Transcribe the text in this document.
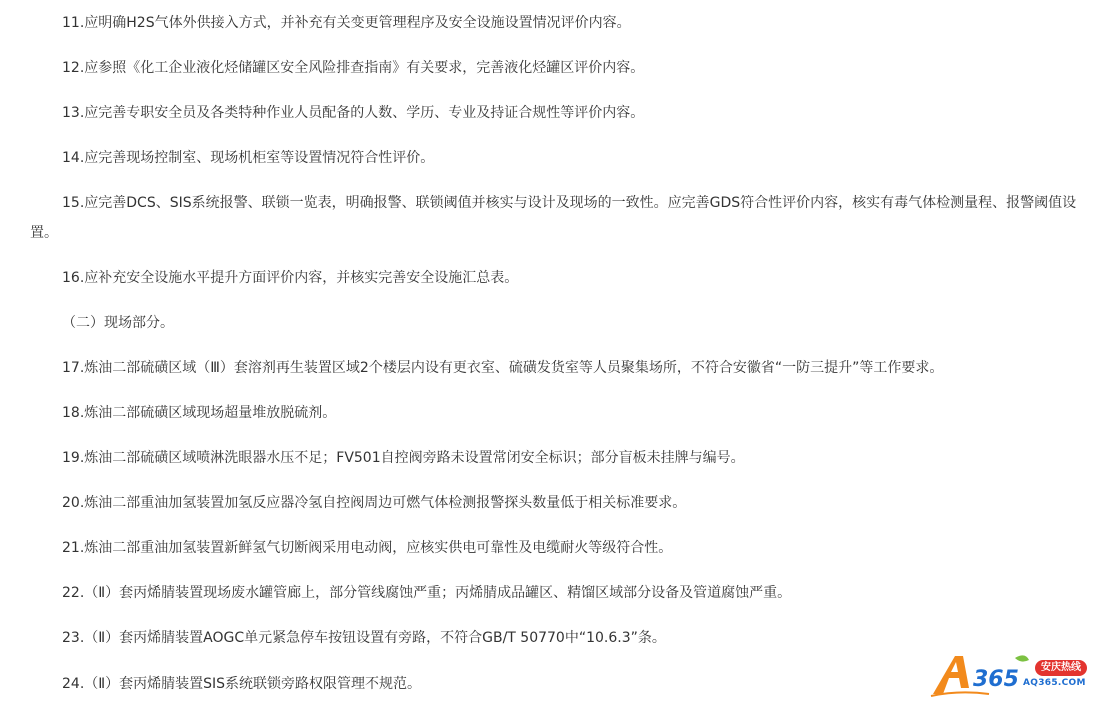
11.应明确H2S气体外供接入方式，并补充有关变更管理程序及安全设施设置情况评价内容。

12.应参照《化工企业液化烃储罐区安全风险排查指南》有关要求，完善液化烃罐区评价内容。

13.应完善专职安全员及各类特种作业人员配备的人数、学历、专业及持证合规性等评价内容。

14.应完善现场控制室、现场机柜室等设置情况符合性评价。

15.应完善DCS、SIS系统报警、联锁一览表，明确报警、联锁阈值并核实与设计及现场的一致性。应完善GDS符合性评价内容，核实有毒气体检测量程、报警阈值设置。

16.应补充安全设施水平提升方面评价内容，并核实完善安全设施汇总表。

（二）现场部分。

17.炼油二部硫磺区域（Ⅲ）套溶剂再生装置区域2个楼层内设有更衣室、硫磺发货室等人员聚集场所，不符合安徽省“一防三提升”等工作要求。

18.炼油二部硫磺区域现场超量堆放脱硫剂。

19.炼油二部硫磺区域喷淋洗眼器水压不足；FV501自控阀旁路未设置常闭安全标识；部分盲板未挂牌与编号。

20.炼油二部重油加氢装置加氢反应器冷氢自控阀周边可燃气体检测报警探头数量低于相关标准要求。

21.炼油二部重油加氢装置新鲜氢气切断阀采用电动阀，应核实供电可靠性及电缆耐火等级符合性。

22.（Ⅱ）套丙烯腈装置现场废水罐管廊上，部分管线腐蚀严重；丙烯腈成品罐区、精馏区域部分设备及管道腐蚀严重。

23.（Ⅱ）套丙烯腈装置AOGC单元紧急停车按钮设置有旁路，不符合GB/T 50770中“10.6.3”条。

24.（Ⅱ）套丙烯腈装置SIS系统联锁旁路权限管理不规范。	365	安庆热线
AQ365.COM
